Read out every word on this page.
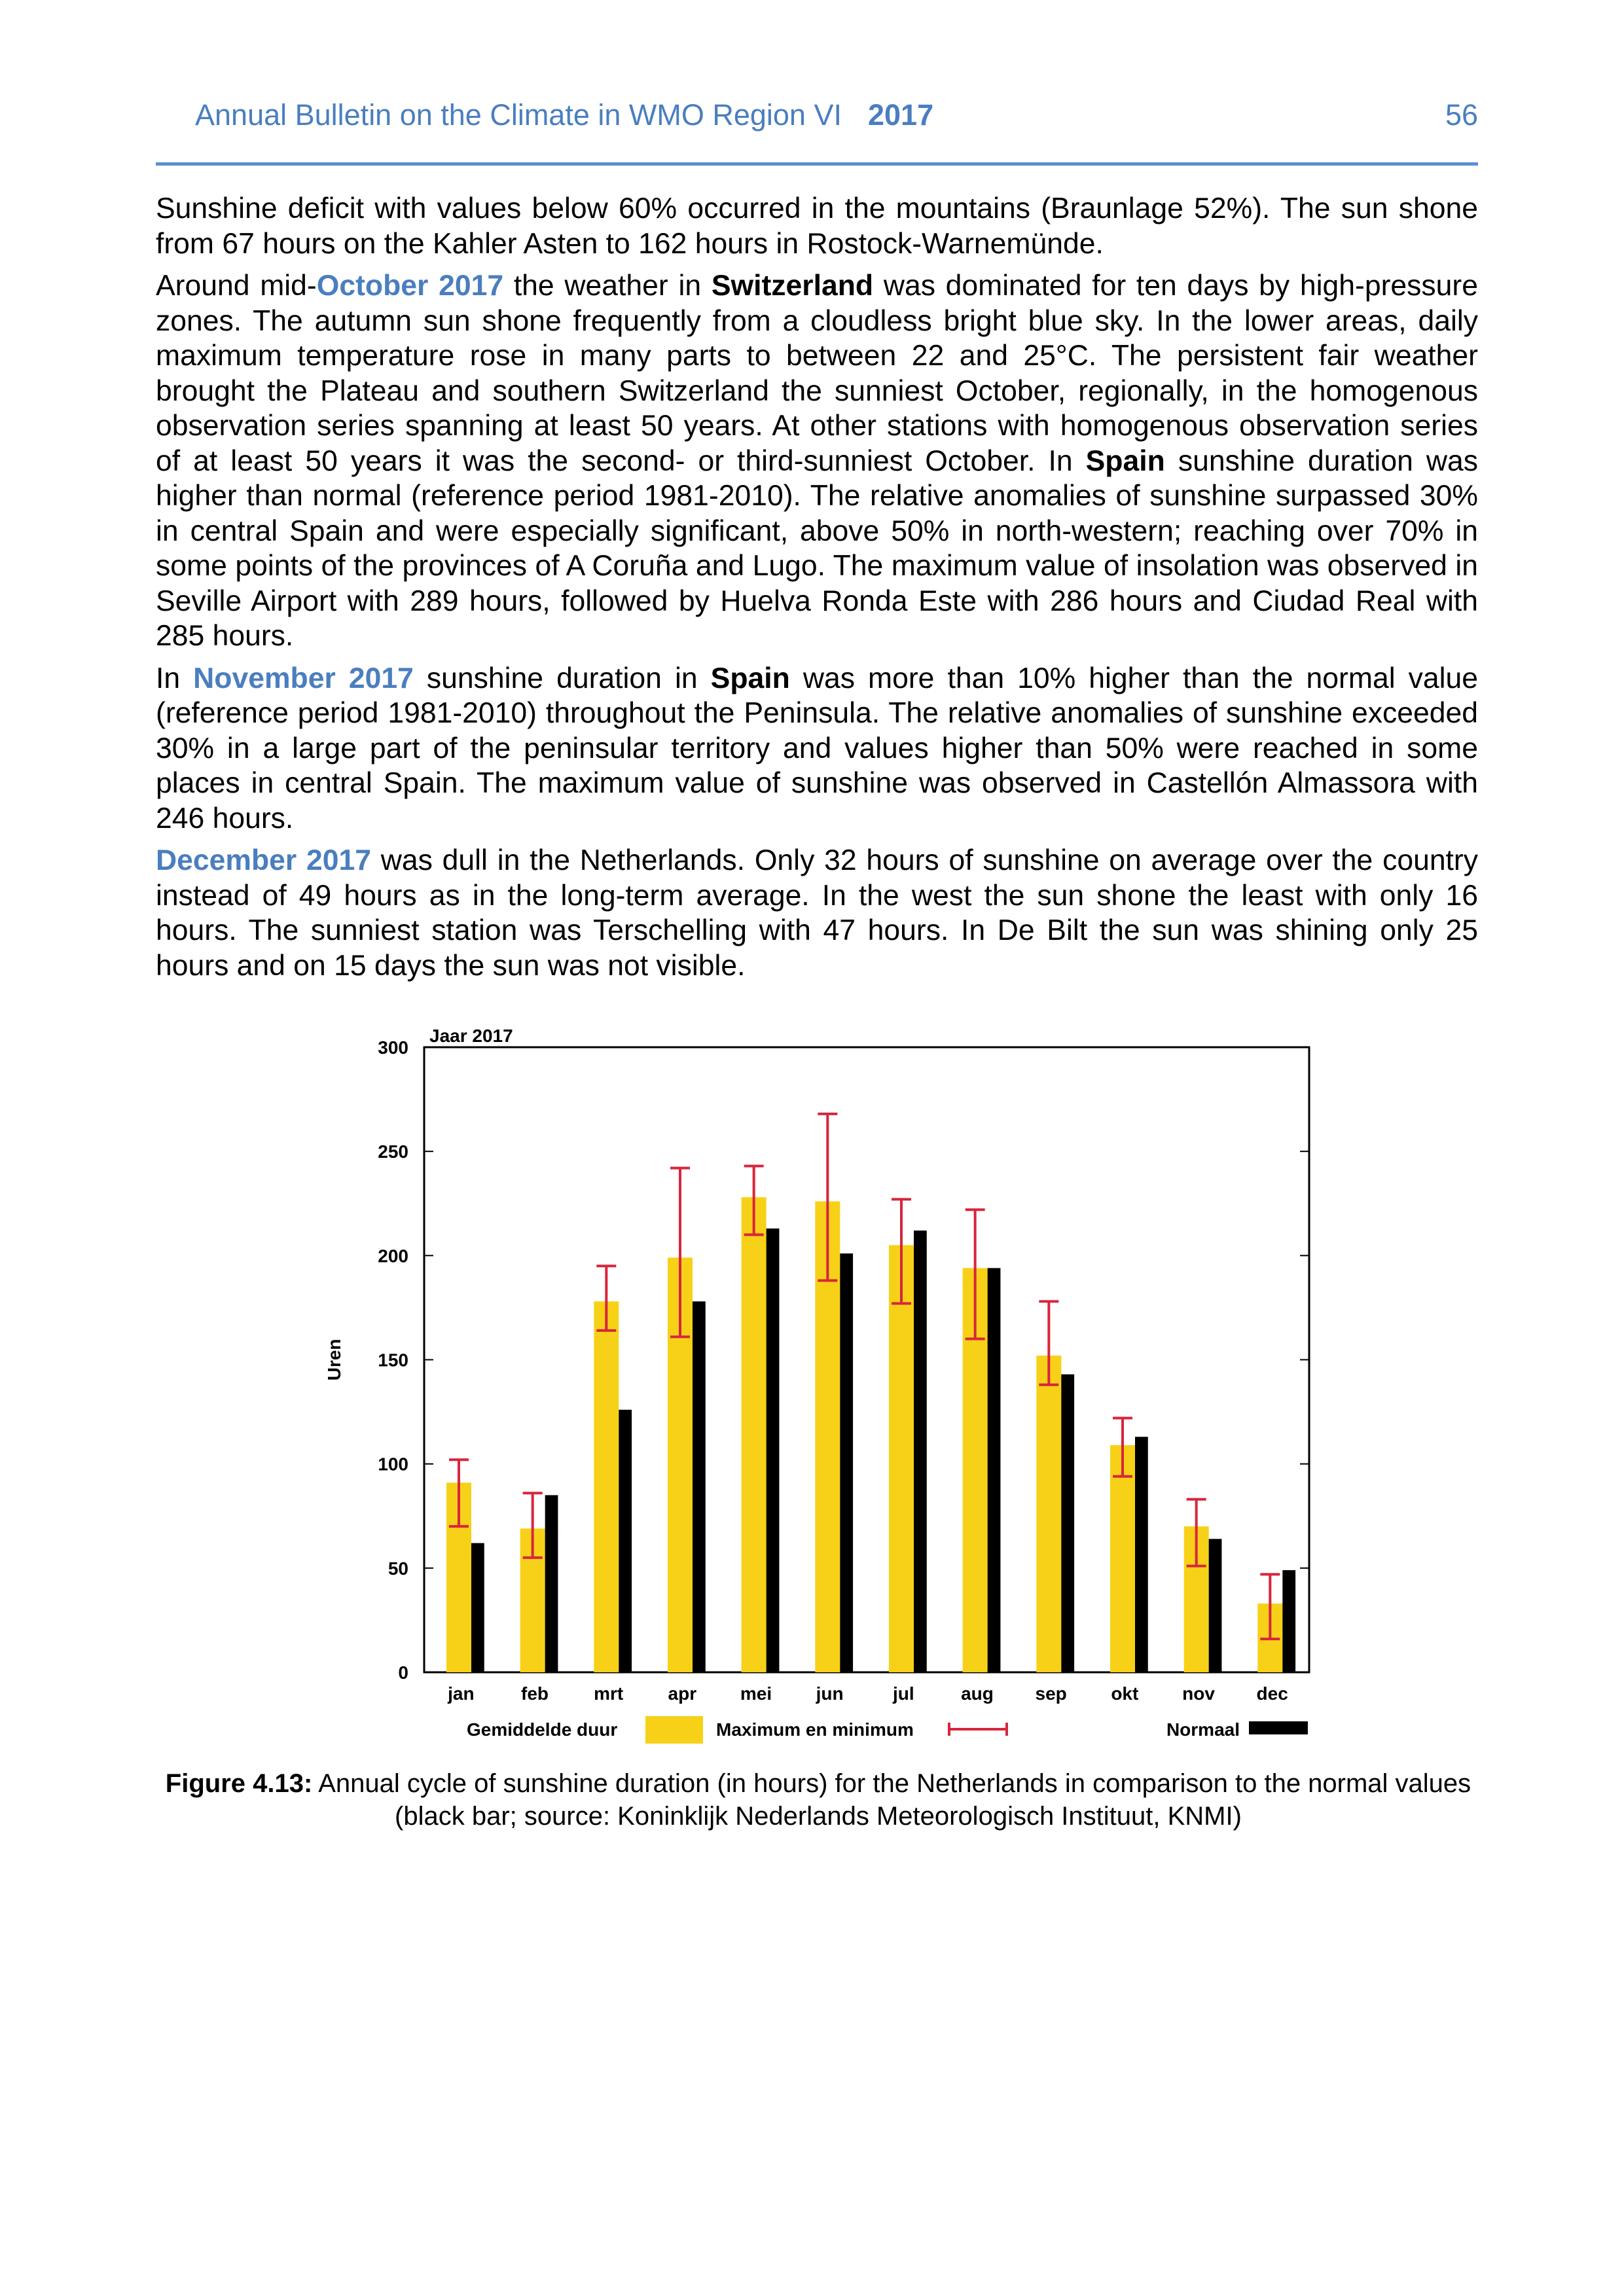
Annual Bulletin on the Climate in WMO Region VI 2017	56

Sunshine deficit with values below 60% occurred in the mountains (Braunlage 52%). The sun shone from 67 hours on the Kahler Asten to 162 hours in Rostock-Warnemünde.

Around mid-October 2017 the weather in Switzerland was dominated for ten days by high-pressure zones. The autumn sun shone frequently from a cloudless bright blue sky. In the lower areas, daily maximum temperature rose in many parts to between 22 and 25°C. The persistent fair weather brought the Plateau and southern Switzerland the sunniest October, regionally, in the homogenous observation series spanning at least 50 years. At other stations with homogenous observation series of at least 50 years it was the second- or third-sunniest October. In Spain sunshine duration was higher than normal (reference period 1981-2010). The relative anomalies of sunshine surpassed 30% in central Spain and were especially significant, above 50% in north-western; reaching over 70% in some points of the provinces of A Coruña and Lugo. The maximum value of insolation was observed in Seville Airport with 289 hours, followed by Huelva Ronda Este with 286 hours and Ciudad Real with 285 hours.

In November 2017 sunshine duration in Spain was more than 10% higher than the normal value (reference period 1981-2010) throughout the Peninsula. The relative anomalies of sunshine exceeded 30% in a large part of the peninsular territory and values higher than 50% were reached in some places in central Spain. The maximum value of sunshine was observed in Castellón Almassora with 246 hours.

December 2017 was dull in the Netherlands. Only 32 hours of sunshine on average over the country instead of 49 hours as in the long-term average. In the west the sun shone the least with only 16 hours. The sunniest station was Terschelling with 47 hours. In De Bilt the sun was shining only 25 hours and on 15 days the sun was not visible.

0
50
100
150
200
250
300
Jaar 2017
Uren
jan	feb mrt apr mei jun	jul	aug sep okt nov dec
Gemiddelde duur	Maximum en minimum	Normaal
Figure 4.13: Annual cycle of sunshine duration (in hours) for the Netherlands in comparison to the normal values (black bar; source: Koninklijk Nederlands Meteorologisch Instituut, KNMI)
